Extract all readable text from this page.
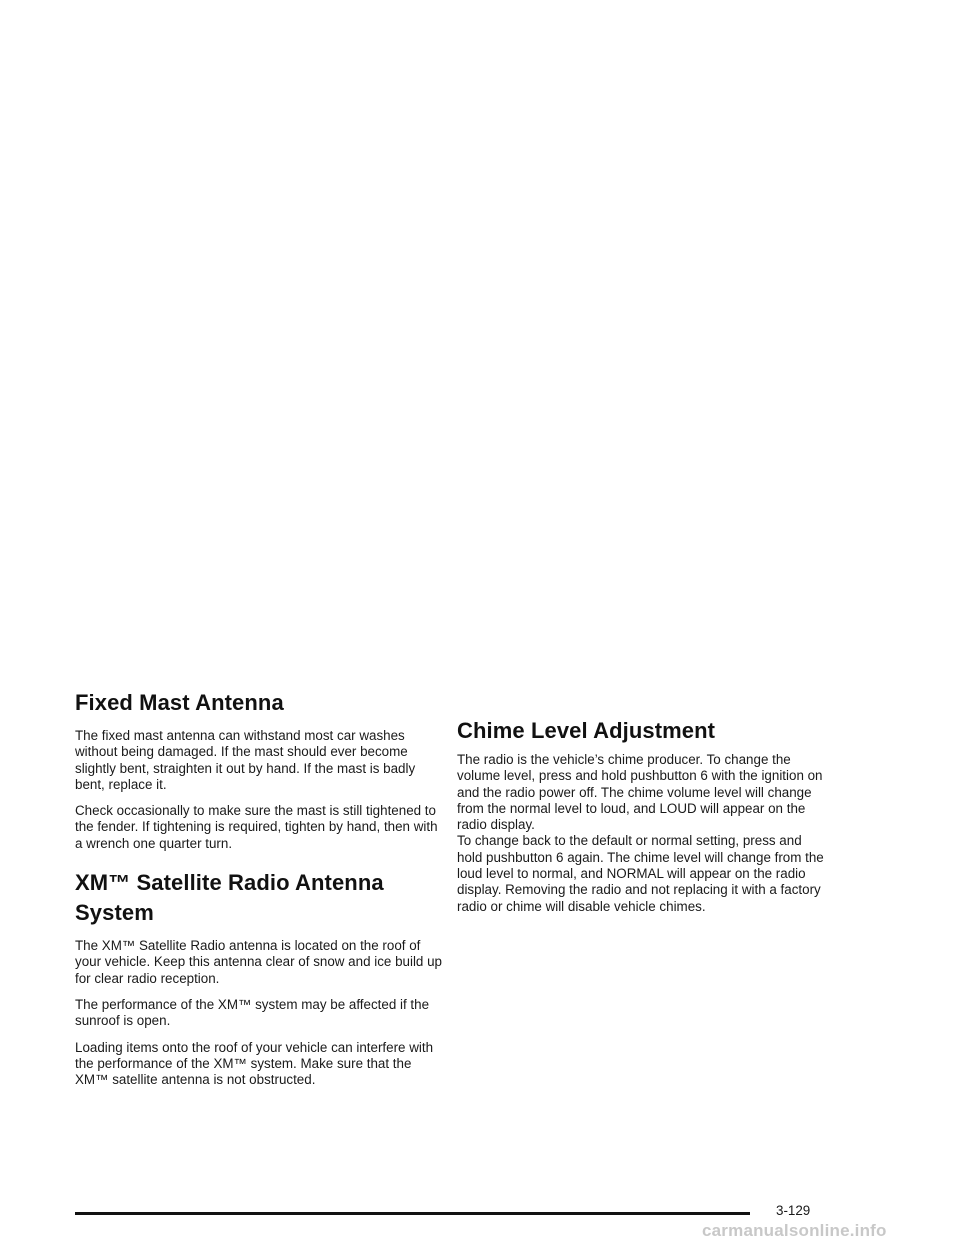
Fixed Mast Antenna

The fixed mast antenna can withstand most car washes without being damaged. If the mast should ever become slightly bent, straighten it out by hand. If the mast is badly bent, replace it.

Check occasionally to make sure the mast is still tightened to the fender. If tightening is required, tighten by hand, then with a wrench one quarter turn.

XM™ Satellite Radio Antenna System

The XM™ Satellite Radio antenna is located on the roof of your vehicle. Keep this antenna clear of snow and ice build up for clear radio reception.

The performance of the XM™ system may be affected if the sunroof is open.

Loading items onto the roof of your vehicle can interfere with the performance of the XM™ system. Make sure that the XM™ satellite antenna is not obstructed.

Chime Level Adjustment

The radio is the vehicle’s chime producer. To change the volume level, press and hold pushbutton 6 with the ignition on and the radio power off. The chime volume level will change from the normal level to loud, and LOUD will appear on the radio display.

To change back to the default or normal setting, press and hold pushbutton 6 again. The chime level will change from the loud level to normal, and NORMAL will appear on the radio display. Removing the radio and not replacing it with a factory radio or chime will disable vehicle chimes.

3-129
carmanualsonline.info
